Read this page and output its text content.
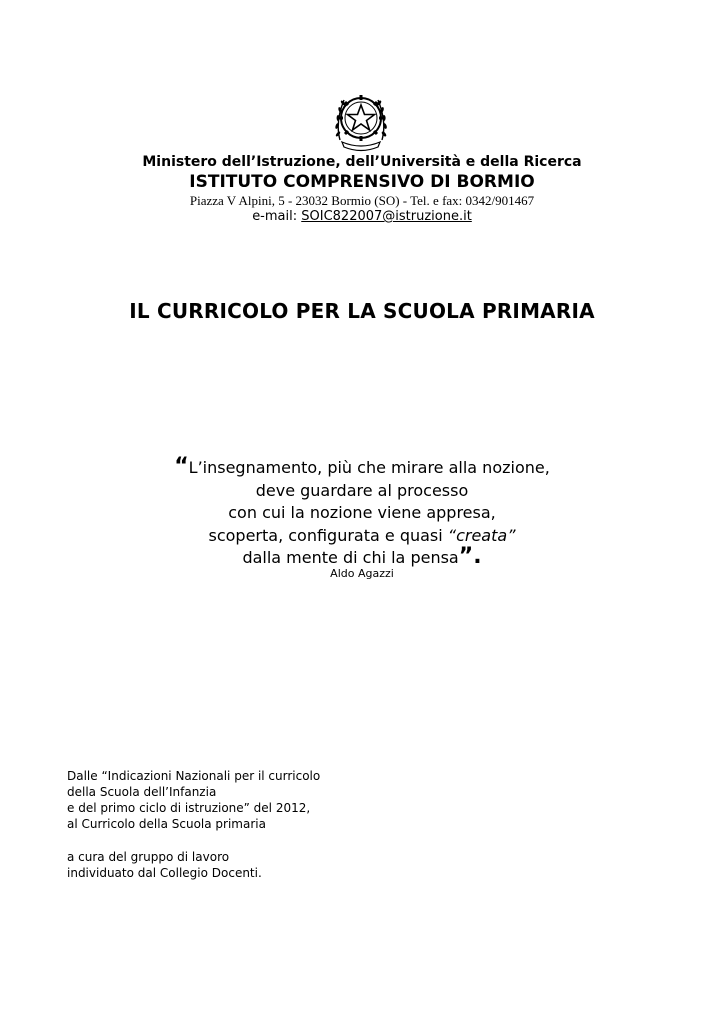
Ministero dell’Istruzione, dell’Università e della Ricerca
ISTITUTO COMPRENSIVO DI BORMIO
Piazza V Alpini, 5 - 23032 Bormio (SO) - Tel. e fax: 0342/901467
e-mail: SOIC822007@istruzione.it
IL CURRICOLO PER LA SCUOLA PRIMARIA
“L’insegnamento, più che mirare alla nozione,
deve guardare al processo
con cui la nozione viene appresa,
scoperta, configurata e quasi “creata”
dalla mente di chi la pensa”.
Aldo Agazzi
Dalle “Indicazioni Nazionali per il curricolo
della Scuola dell’Infanzia
e del primo ciclo di istruzione” del 2012,
al Curricolo della Scuola primaria
a cura del gruppo di lavoro
individuato dal Collegio Docenti.
